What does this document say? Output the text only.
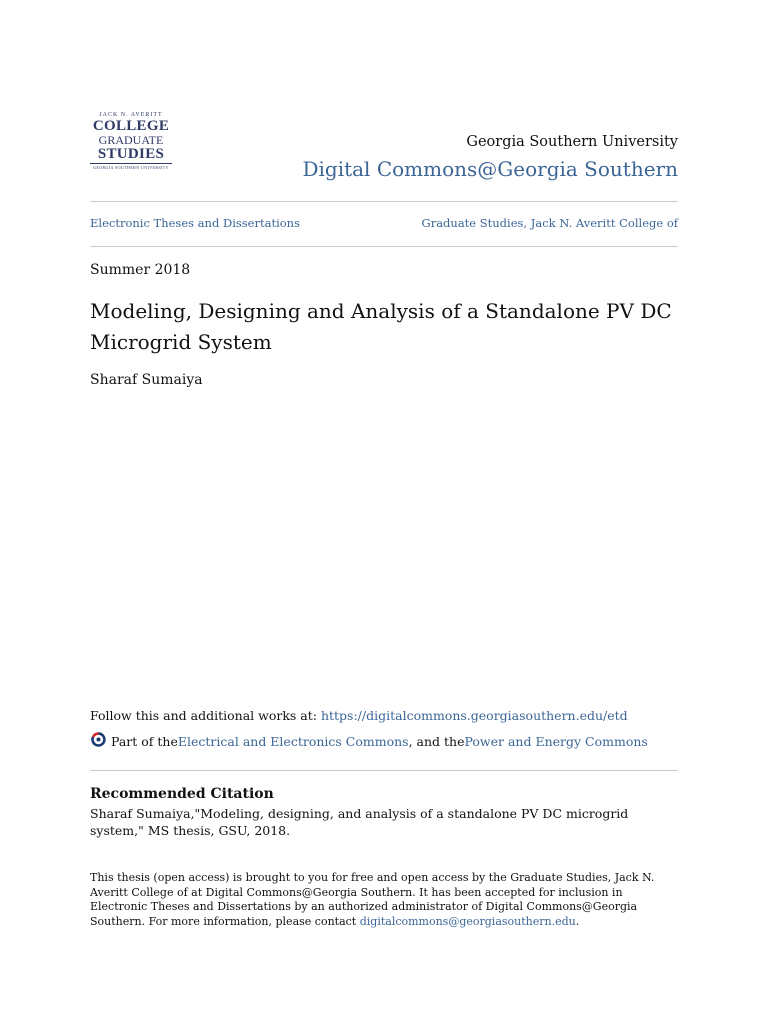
JACK N. AVERITT
COLLEGE
GRADUATE
STUDIES
GEORGIA SOUTHERN UNIVERSITY
Georgia Southern University
Digital Commons@Georgia Southern
Electronic Theses and Dissertations	Graduate Studies, Jack N. Averitt College of
Summer 2018
Modeling, Designing and Analysis of a Standalone PV DC Microgrid System
Sharaf Sumaiya
Follow this and additional works at: https://digitalcommons.georgiasouthern.edu/etd
Part of the Electrical and Electronics Commons , and the Power and Energy Commons
Recommended Citation

Sharaf Sumaiya,"Modeling, designing, and analysis of a standalone PV DC microgrid system," MS thesis, GSU, 2018.

This thesis (open access) is brought to you for free and open access by the Graduate Studies, Jack N. Averitt College of at Digital Commons@Georgia Southern. It has been accepted for inclusion in Electronic Theses and Dissertations by an authorized administrator of Digital Commons@Georgia Southern. For more information, please contact digitalcommons@georgiasouthern.edu.
